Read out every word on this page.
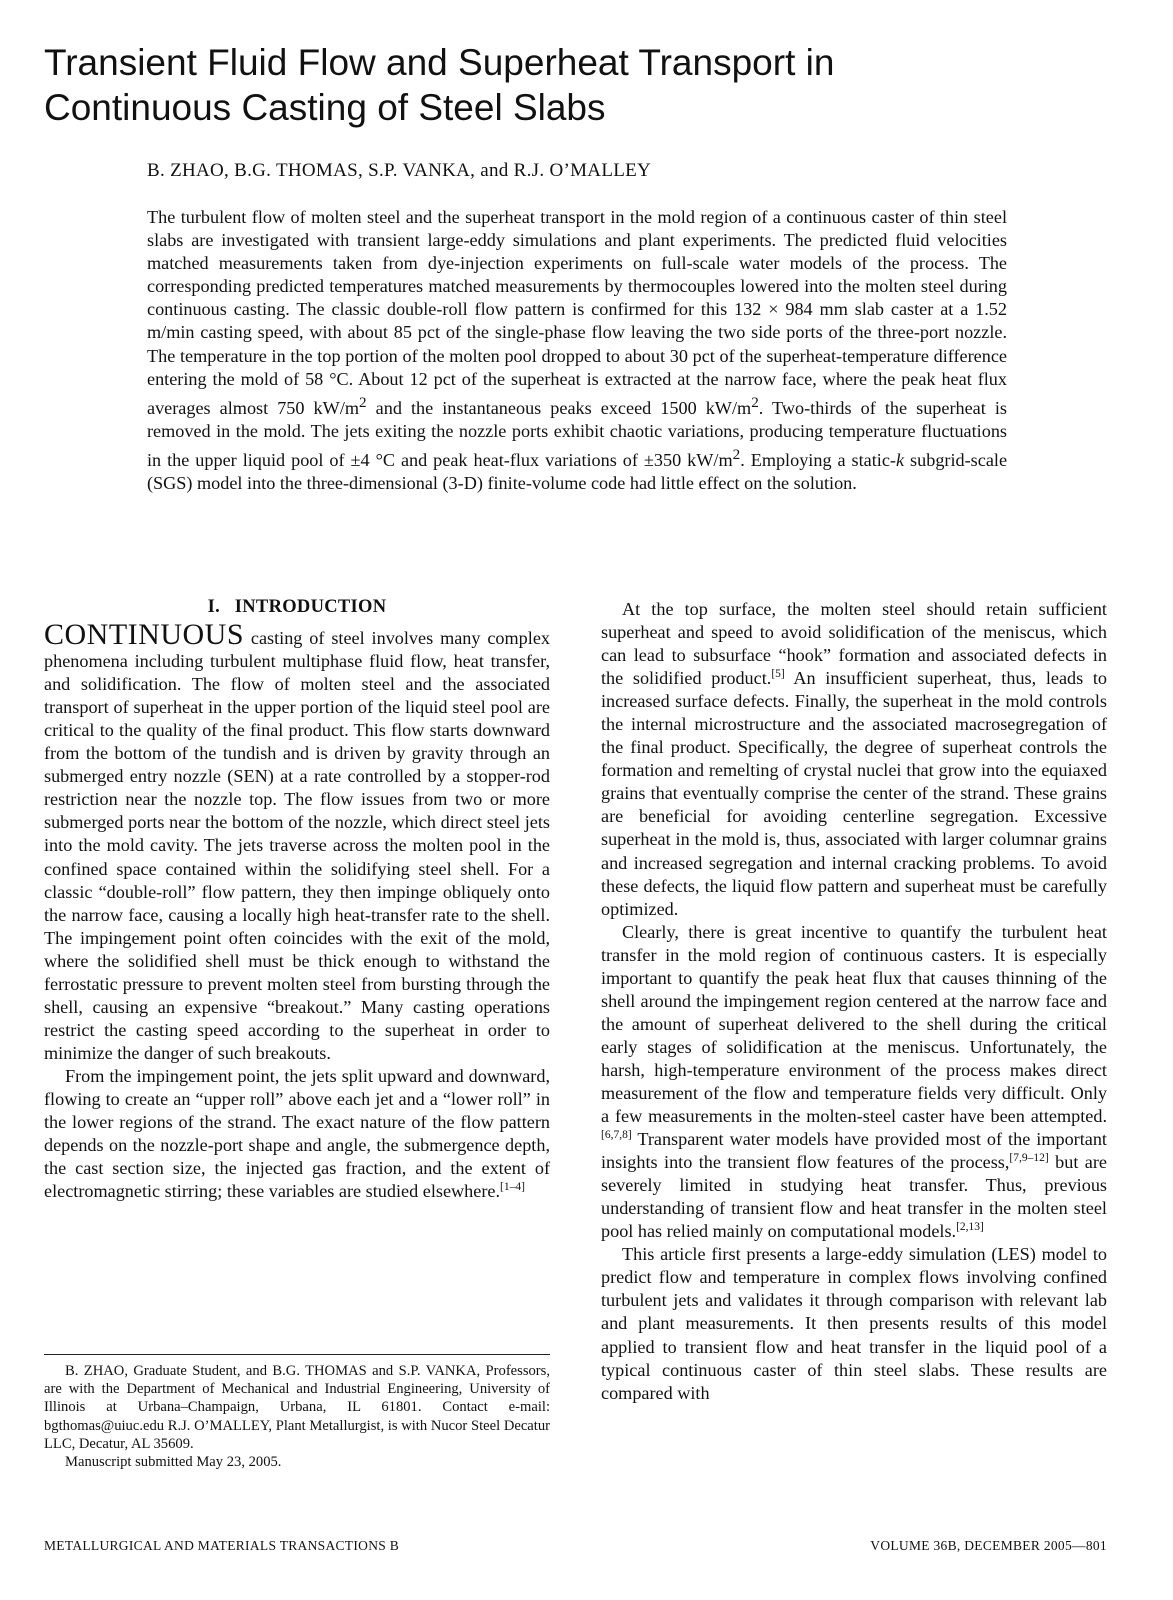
Transient Fluid Flow and Superheat Transport in
Continuous Casting of Steel Slabs
B. ZHAO, B.G. THOMAS, S.P. VANKA, and R.J. O’MALLEY
The turbulent flow of molten steel and the superheat transport in the mold region of a continuous caster of thin steel slabs are investigated with transient large-eddy simulations and plant experiments. The predicted fluid velocities matched measurements taken from dye-injection experiments on full-scale water models of the process. The corresponding predicted temperatures matched measurements by thermocouples lowered into the molten steel during continuous casting. The classic double-roll flow pattern is confirmed for this 132 × 984 mm slab caster at a 1.52 m/min casting speed, with about 85 pct of the single-phase flow leaving the two side ports of the three-port nozzle. The temperature in the top portion of the molten pool dropped to about 30 pct of the superheat-temperature difference entering the mold of 58 °C. About 12 pct of the superheat is extracted at the narrow face, where the peak heat flux averages almost 750 $kW/m^2$ and the instantaneous peaks exceed 1500 $kW/m^2$. Two-thirds of the superheat is removed in the mold. The jets exiting the nozzle ports exhibit chaotic variations, producing temperature fluctuations in the upper liquid pool of ±4 °C and peak heat-flux variations of ±350 $kW/m^2$. Employing a static-k subgrid-scale (SGS) model into the three-dimensional (3-D) finite-volume code had little effect on the solution.
I.   INTRODUCTION

CONTINUOUS casting of steel involves many complex phenomena including turbulent multiphase fluid flow, heat transfer, and solidification. The flow of molten steel and the associated transport of superheat in the upper portion of the liquid steel pool are critical to the quality of the final product. This flow starts downward from the bottom of the tundish and is driven by gravity through an submerged entry nozzle (SEN) at a rate controlled by a stopper-rod restriction near the nozzle top. The flow issues from two or more submerged ports near the bottom of the nozzle, which direct steel jets into the mold cavity. The jets traverse across the molten pool in the confined space contained within the solidifying steel shell. For a classic “double-roll” flow pattern, they then impinge obliquely onto the narrow face, causing a locally high heat-transfer rate to the shell. The impingement point often coincides with the exit of the mold, where the solidified shell must be thick enough to withstand the ferrostatic pressure to prevent molten steel from bursting through the shell, causing an expensive “breakout.” Many casting operations restrict the casting speed according to the superheat in order to minimize the danger of such breakouts.

From the impingement point, the jets split upward and downward, flowing to create an “upper roll” above each jet and a “lower roll” in the lower regions of the strand. The exact nature of the flow pattern depends on the nozzle-port shape and angle, the submergence depth, the cast section size, the injected gas fraction, and the extent of electromagnetic stirring; these variables are studied elsewhere.[1–4]

B. ZHAO, Graduate Student, and B.G. THOMAS and S.P. VANKA, Professors, are with the Department of Mechanical and Industrial Engineering, University of Illinois at Urbana–Champaign, Urbana, IL 61801. Contact e-mail: bgthomas@uiuc.edu R.J. O’MALLEY, Plant Metallurgist, is with Nucor Steel Decatur LLC, Decatur, AL 35609.

Manuscript submitted May 23, 2005.

At the top surface, the molten steel should retain sufficient superheat and speed to avoid solidification of the meniscus, which can lead to subsurface “hook” formation and associated defects in the solidified product.[5] An insufficient superheat, thus, leads to increased surface defects. Finally, the superheat in the mold controls the internal microstructure and the associated macrosegregation of the final product. Specifically, the degree of superheat controls the formation and remelting of crystal nuclei that grow into the equiaxed grains that eventually comprise the center of the strand. These grains are beneficial for avoiding centerline segregation. Excessive superheat in the mold is, thus, associated with larger columnar grains and increased segregation and internal cracking problems. To avoid these defects, the liquid flow pattern and superheat must be carefully optimized.

Clearly, there is great incentive to quantify the turbulent heat transfer in the mold region of continuous casters. It is especially important to quantify the peak heat flux that causes thinning of the shell around the impingement region centered at the narrow face and the amount of superheat delivered to the shell during the critical early stages of solidification at the meniscus. Unfortunately, the harsh, high-temperature environment of the process makes direct measurement of the flow and temperature fields very difficult. Only a few measurements in the molten-steel caster have been attempted.[6,7,8] Transparent water models have provided most of the important insights into the transient flow features of the process,[7,9–12] but are severely limited in studying heat transfer. Thus, previous understanding of transient flow and heat transfer in the molten steel pool has relied mainly on computational models.[2,13]

This article first presents a large-eddy simulation (LES) model to predict flow and temperature in complex flows involving confined turbulent jets and validates it through comparison with relevant lab and plant measurements. It then presents results of this model applied to transient flow and heat transfer in the liquid pool of a typical continuous caster of thin steel slabs. These results are compared with

METALLURGICAL AND MATERIALS TRANSACTIONS B	VOLUME 36B, DECEMBER 2005—801
